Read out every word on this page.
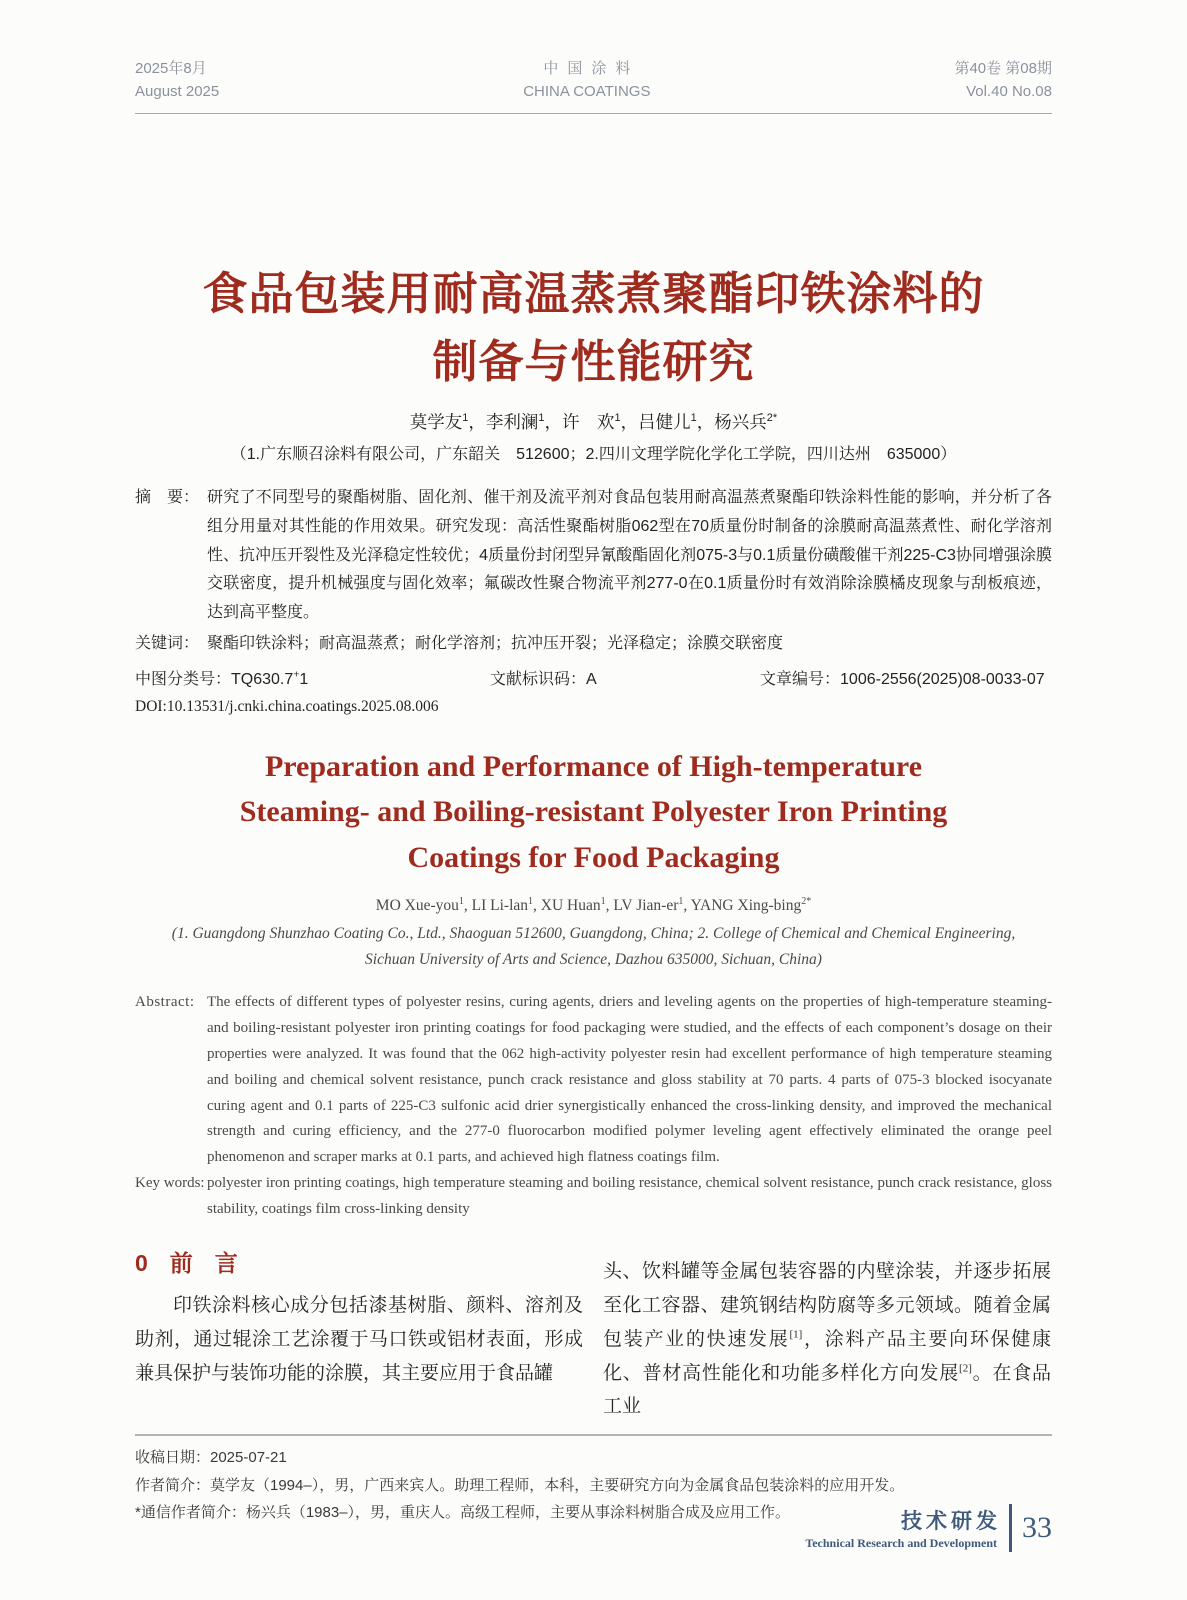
2025年8月
August 2025
中国涂料
CHINA COATINGS
第40卷 第08期
Vol.40 No.08
食品包装用耐高温蒸煮聚酯印铁涂料的
制备与性能研究
莫学友$^1$，李利澜$^1$，许　欢$^1$，吕健儿$^1$，杨兴兵$^{2*}$
（1.广东顺召涂料有限公司，广东韶关　512600；2.四川文理学院化学化工学院，四川达州　635000）
摘　要： 研究了不同型号的聚酯树脂、固化剂、催干剂及流平剂对食品包装用耐高温蒸煮聚酯印铁涂料性能的影响，并分析了各组分用量对其性能的作用效果。研究发现：高活性聚酯树脂062型在70质量份时制备的涂膜耐高温蒸煮性、耐化学溶剂性、抗冲压开裂性及光泽稳定性较优；4质量份封闭型异氰酸酯固化剂075-3与0.1质量份磺酸催干剂225-C3协同增强涂膜交联密度，提升机械强度与固化效率；氟碳改性聚合物流平剂277-0在0.1质量份时有效消除涂膜橘皮现象与刮板痕迹，达到高平整度。

关键词： 聚酯印铁涂料；耐高温蒸煮；耐化学溶剂；抗冲压开裂；光泽稳定；涂膜交联密度

中图分类号：TQ630.7+1	文献标识码：A	文章编号：1006-2556(2025)08-0033-07
DOI:10.13531/j.cnki.china.coatings.2025.08.006
Preparation and Performance of High-temperature
Steaming- and Boiling-resistant Polyester Iron Printing
Coatings for Food Packaging
MO Xue-you$^1$, LI Li-lan$^1$, XU Huan$^1$, LV Jian-$er^1$, YANG Xing-bing$^{2*}$
(1. Guangdong Shunzhao Coating Co., Ltd., Shaoguan 512600, Guangdong, China; 2. College of Chemical and Chemical Engineering, Sichuan University of Arts and Science, Dazhou 635000, Sichuan, China)
Abstract: The effects of different types of polyester resins, curing agents, driers and leveling agents on the properties of high-temperature steaming- and boiling-resistant polyester iron printing coatings for food packaging were studied, and the effects of each component’s dosage on their properties were analyzed. It was found that the 062 high-activity polyester resin had excellent performance of high temperature steaming and boiling and chemical solvent resistance, punch crack resistance and gloss stability at 70 parts. 4 parts of 075-3 blocked isocyanate curing agent and 0.1 parts of 225-C3 sulfonic acid drier synergistically enhanced the cross-linking density, and improved the mechanical strength and curing efficiency, and the 277-0 fluorocarbon modified polymer leveling agent effectively eliminated the orange peel phenomenon and scraper marks at 0.1 parts, and achieved high flatness coatings film.

Key words: polyester iron printing coatings, high temperature steaming and boiling resistance, chemical solvent resistance, punch crack resistance, gloss stability, coatings film cross-linking density

0 前言

印铁涂料核心成分包括漆基树脂、颜料、溶剂及助剂，通过辊涂工艺涂覆于马口铁或铝材表面，形成兼具保护与装饰功能的涂膜，其主要应用于食品罐

头、饮料罐等金属包装容器的内壁涂装，并逐步拓展至化工容器、建筑钢结构防腐等多元领域。随着金属包装产业的快速发展[1]，涂料产品主要向环保健康化、普材高性能化和功能多样化方向发展[2]。在食品工业

收稿日期：2025-07-21

作者简介：莫学友（1994–），男，广西来宾人。助理工程师，本科，主要研究方向为金属食品包装涂料的应用开发。

*通信作者简介：杨兴兵（1983–），男，重庆人。高级工程师，主要从事涂料树脂合成及应用工作。	技术研发
Technical Research and Development 33
